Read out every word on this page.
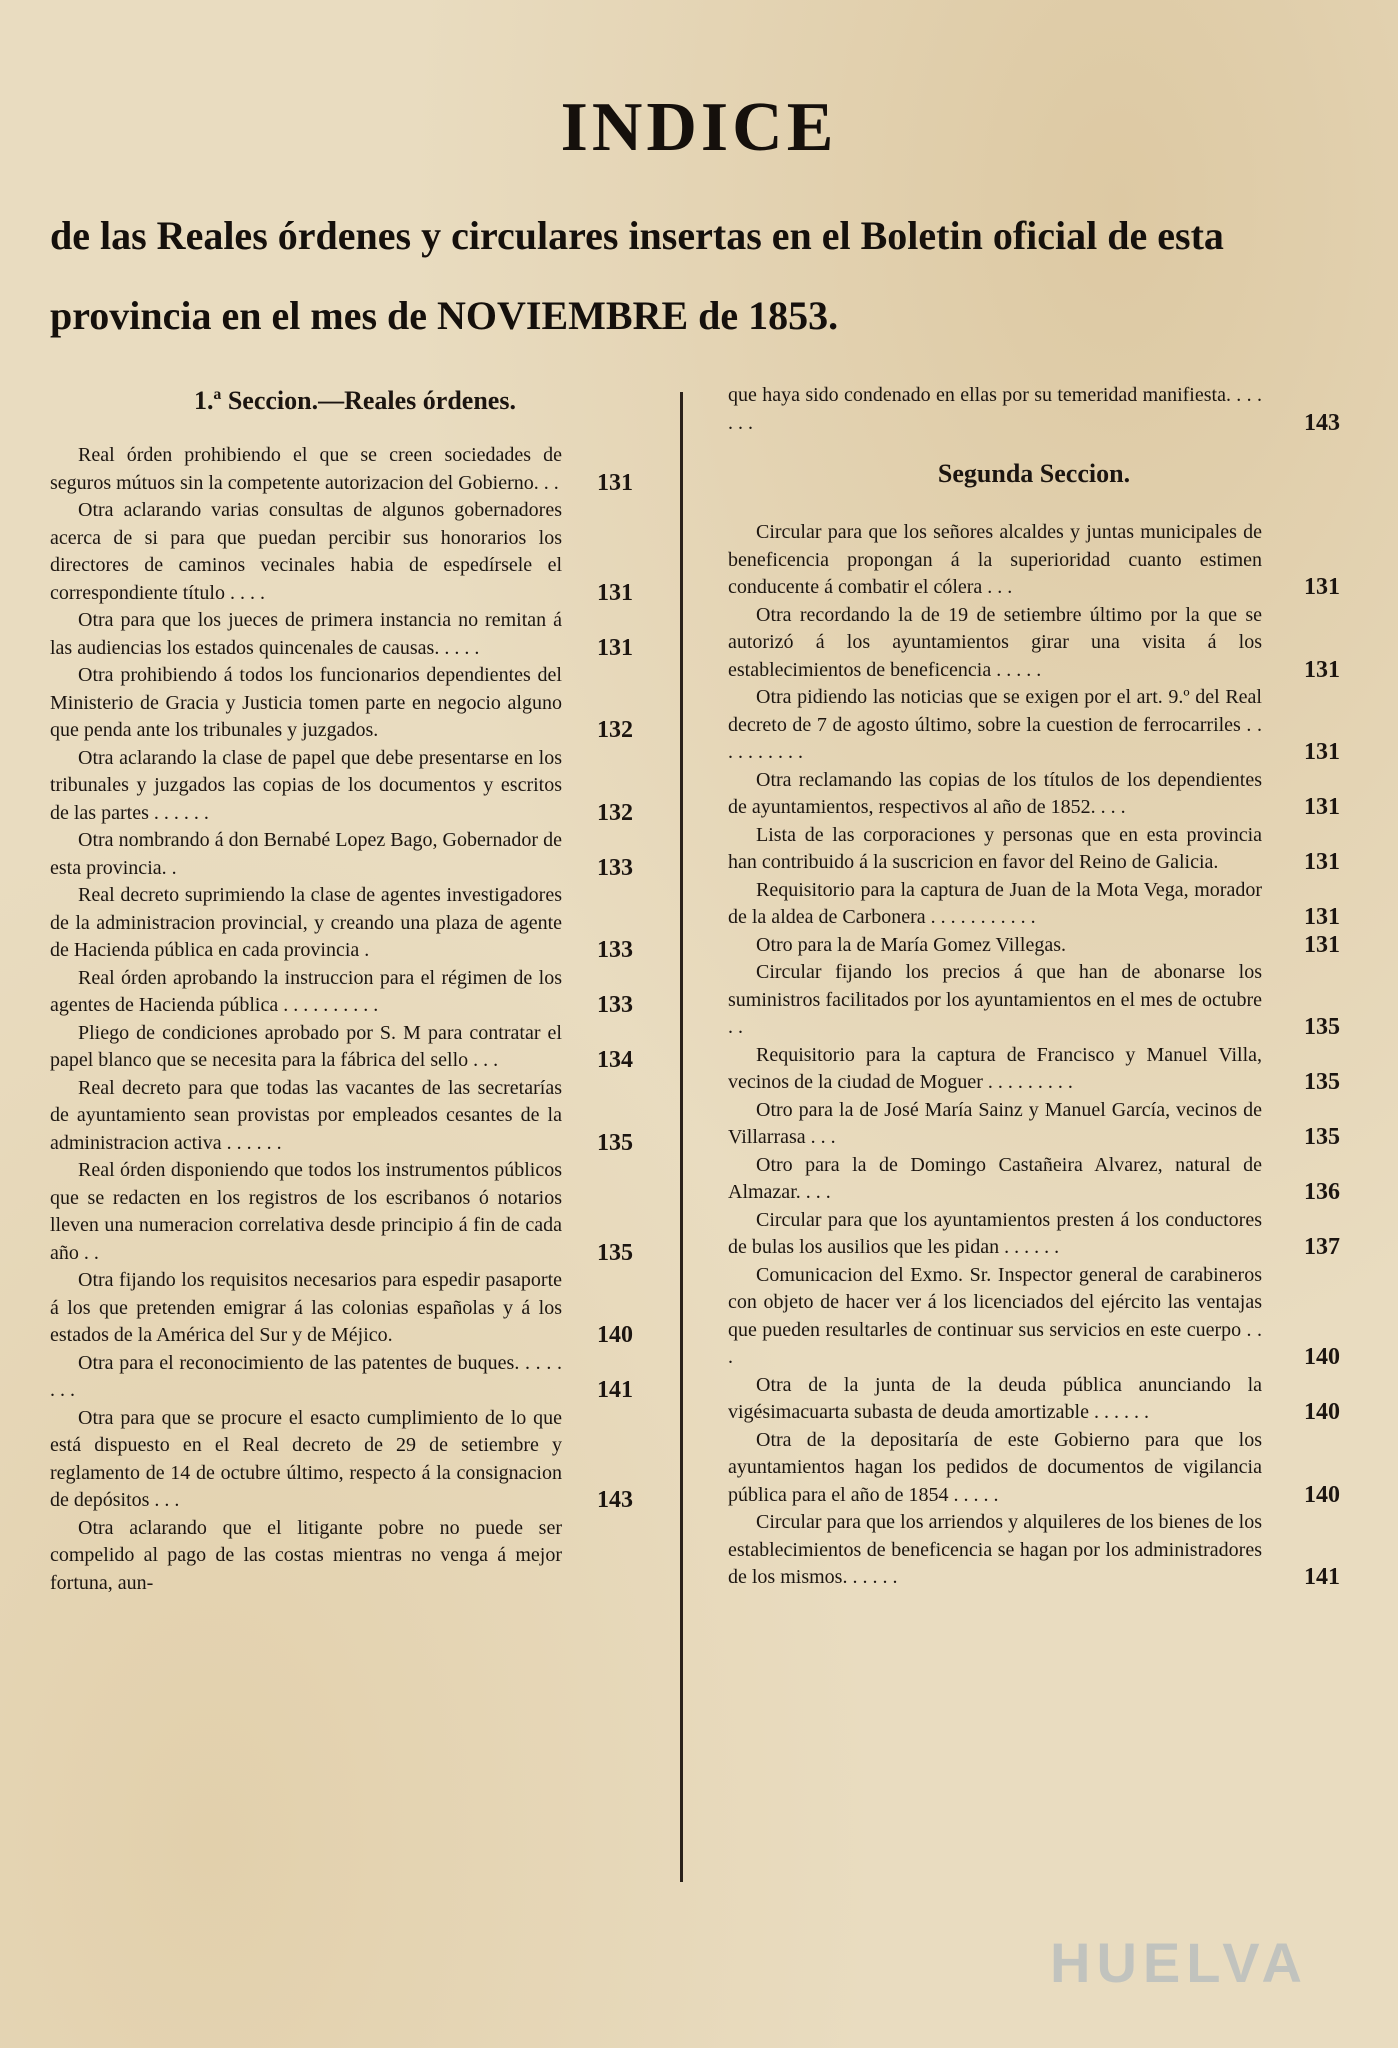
INDICE
de las Reales órdenes y circulares insertas en el Boletin oficial de esta provincia en el mes de NOVIEMBRE de 1853.
1.ª Seccion.—Reales órdenes.
Real órden prohibiendo el que se creen sociedades de seguros mútuos sin la competente autorizacion del Gobierno. . .	131
Otra aclarando varias consultas de algunos gobernadores acerca de si para que puedan percibir sus honorarios los directores de caminos vecinales habia de espedírsele el correspondiente título . . . .	131
Otra para que los jueces de primera instancia no remitan á las audiencias los estados quincenales de causas. . . . .	131
Otra prohibiendo á todos los funcionarios dependientes del Ministerio de Gracia y Justicia tomen parte en negocio alguno que penda ante los tribunales y juzgados.	132
Otra aclarando la clase de papel que debe presentarse en los tribunales y juzgados las copias de los documentos y escritos de las partes . . . . . .	132
Otra nombrando á don Bernabé Lopez Bago, Gobernador de esta provincia. .	133
Real decreto suprimiendo la clase de agentes investigadores de la administracion provincial, y creando una plaza de agente de Hacienda pública en cada provincia .	133
Real órden aprobando la instruccion para el régimen de los agentes de Hacienda pública . . . . . . . . . .	133
Pliego de condiciones aprobado por S. M para contratar el papel blanco que se necesita para la fábrica del sello . . .	134
Real decreto para que todas las vacantes de las secretarías de ayuntamiento sean provistas por empleados cesantes de la administracion activa . . . . . .	135
Real órden disponiendo que todos los instrumentos públicos que se redacten en los registros de los escribanos ó notarios lleven una numeracion correlativa desde principio á fin de cada año . .	135
Otra fijando los requisitos necesarios para espedir pasaporte á los que pretenden emigrar á las colonias españolas y á los estados de la América del Sur y de Méjico.	140
Otra para el reconocimiento de las patentes de buques. . . . . . . .	141
Otra para que se procure el esacto cumplimiento de lo que está dispuesto en el Real decreto de 29 de setiembre y reglamento de 14 de octubre último, respecto á la consignacion de depósitos . . .	143
Otra aclarando que el litigante pobre no puede ser compelido al pago de las costas mientras no venga á mejor fortuna, aun-
que haya sido condenado en ellas por su temeridad manifiesta. . . . . . .	143
Segunda Seccion.
Circular para que los señores alcaldes y juntas municipales de beneficencia propongan á la superioridad cuanto estimen conducente á combatir el cólera . . .	131
Otra recordando la de 19 de setiembre último por la que se autorizó á los ayuntamientos girar una visita á los establecimientos de beneficencia . . . . .	131
Otra pidiendo las noticias que se exigen por el art. 9.º del Real decreto de 7 de agosto último, sobre la cuestion de ferrocarriles . . . . . . . . . .	131
Otra reclamando las copias de los títulos de los dependientes de ayuntamientos, respectivos al año de 1852. . . .	131
Lista de las corporaciones y personas que en esta provincia han contribuido á la suscricion en favor del Reino de Galicia.	131
Requisitorio para la captura de Juan de la Mota Vega, morador de la aldea de Carbonera . . . . . . . . . . .	131
Otro para la de María Gomez Villegas.	131
Circular fijando los precios á que han de abonarse los suministros facilitados por los ayuntamientos en el mes de octubre . .	135
Requisitorio para la captura de Francisco y Manuel Villa, vecinos de la ciudad de Moguer . . . . . . . . .	135
Otro para la de José María Sainz y Manuel García, vecinos de Villarrasa . . .	135
Otro para la de Domingo Castañeira Alvarez, natural de Almazar. . . .	136
Circular para que los ayuntamientos presten á los conductores de bulas los ausilios que les pidan . . . . . .	137
Comunicacion del Exmo. Sr. Inspector general de carabineros con objeto de hacer ver á los licenciados del ejército las ventajas que pueden resultarles de continuar sus servicios en este cuerpo . . .	140
Otra de la junta de la deuda pública anunciando la vigésimacuarta subasta de deuda amortizable . . . . . .	140
Otra de la depositaría de este Gobierno para que los ayuntamientos hagan los pedidos de documentos de vigilancia pública para el año de 1854 . . . . .	140
Circular para que los arriendos y alquileres de los bienes de los establecimientos de beneficencia se hagan por los administradores de los mismos. . . . . .	141
HUELVA
